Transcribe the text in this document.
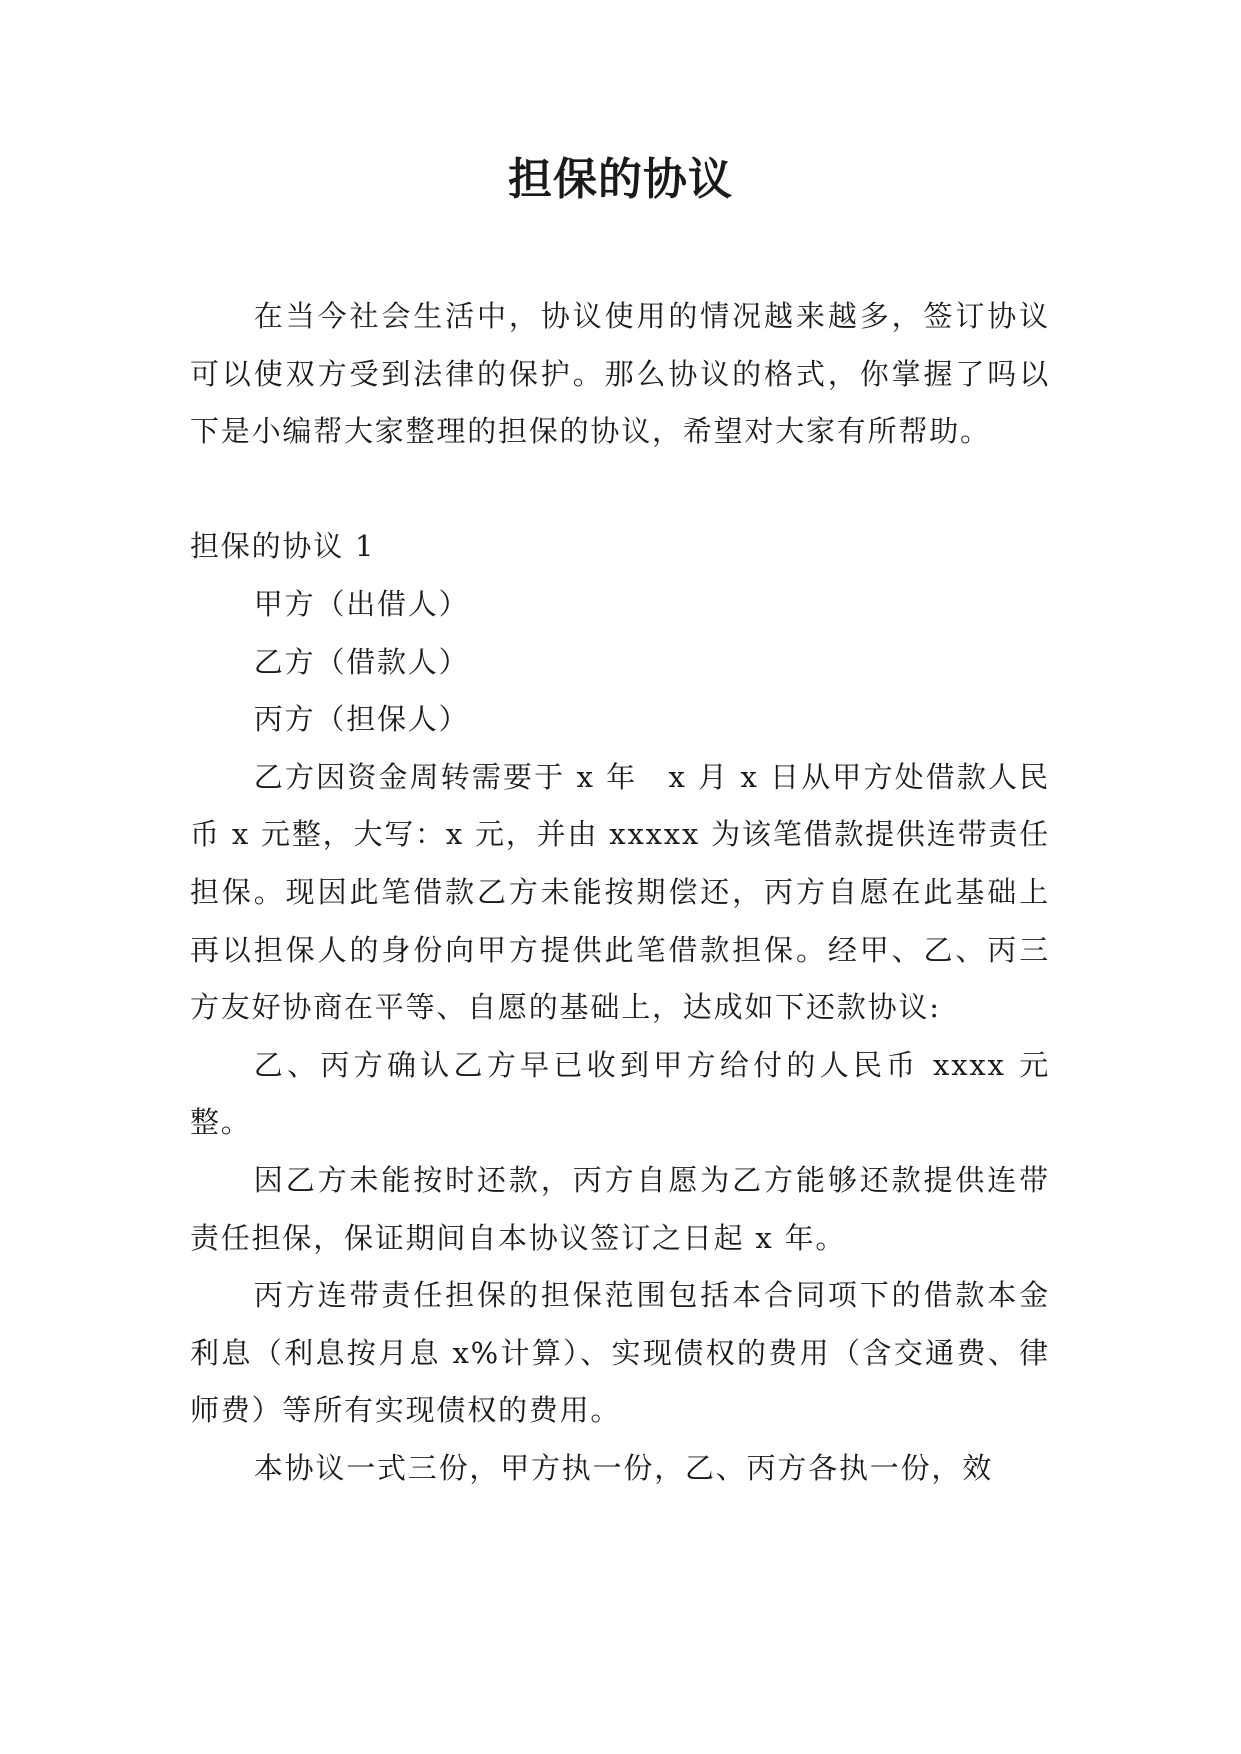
担保的协议

在当今社会生活中，协议使用的情况越来越多，签订协议可以使双方受到法律的保护。那么协议的格式，你掌握了吗以下是小编帮大家整理的担保的协议，希望对大家有所帮助。

担保的协议 1

甲方（出借人）

乙方（借款人）

丙方（担保人）

乙方因资金周转需要于 x 年　x 月 x 日从甲方处借款人民币 x 元整，大写：x 元，并由 xxxxx 为该笔借款提供连带责任担保。现因此笔借款乙方未能按期偿还，丙方自愿在此基础上再以担保人的身份向甲方提供此笔借款担保。经甲、乙、丙三方友好协商在平等、自愿的基础上，达成如下还款协议:

乙、丙方确认乙方早已收到甲方给付的人民币 xxxx 元整。

因乙方未能按时还款，丙方自愿为乙方能够还款提供连带责任担保，保证期间自本协议签订之日起 x 年。

丙方连带责任担保的担保范围包括本合同项下的借款本金利息（利息按月息 x%计算）、实现债权的费用（含交通费、律师费）等所有实现债权的费用。

本协议一式三份，甲方执一份，乙、丙方各执一份，效
